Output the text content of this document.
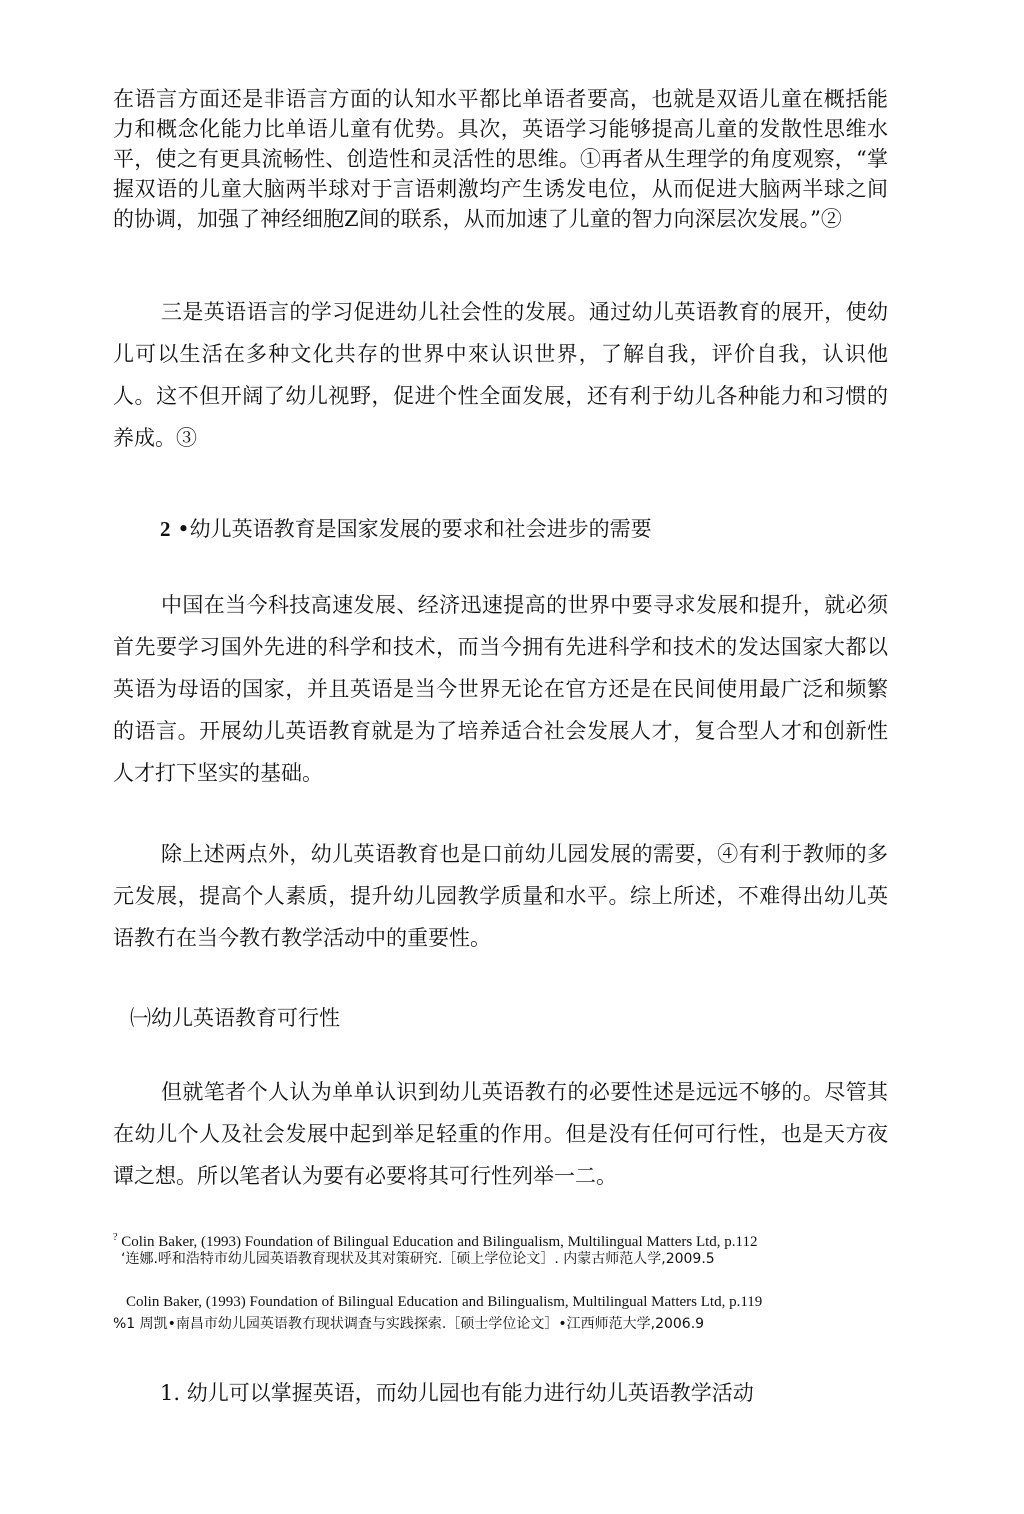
在语言方面还是非语言方面的认知水平都比单语者要高，也就是双语儿童在概括能力和概念化能力比单语儿童有优势。具次，英语学习能够提高儿童的发散性思维水平，使之有更具流畅性、创造性和灵活性的思维。①再者从生理学的角度观察，“掌握双语的儿童大脑两半球对于言语刺激均产生诱发电位，从而促进大脑两半球之间的协调，加强了神经细胞Z间的联系，从而加速了儿童的智力向深层次发展。”②

三是英语语言的学习促进幼儿社会性的发展。通过幼儿英语教育的展开，使幼儿可以生活在多种文化共存的世界中來认识世界，了解自我，评价自我，认识他人。这不但开阔了幼儿视野，促进个性全面发展，还有利于幼儿各种能力和习惯的养成。③

2 •幼儿英语教育是国家发展的要求和社会进步的需要

中国在当今科技高速发展、经济迅速提高的世界中要寻求发展和提升，就必须首先要学习国外先进的科学和技术，而当今拥有先进科学和技术的发达国家大都以英语为母语的国家，并且英语是当今世界无论在官方还是在民间使用最广泛和频繁的语言。开展幼儿英语教育就是为了培养适合社会发展人才，复合型人才和创新性人才打下坚实的基础。

除上述两点外，幼儿英语教育也是口前幼儿园发展的需要，④有利于教师的多元发展，提高个人素质，提升幼儿园教学质量和水平。综上所述，不难得出幼儿英语教冇在当今教冇教学活动中的重要性。

㈠幼儿英语教育可行性

但就笔者个人认为单单认识到幼儿英语教冇的必要性述是远远不够的。尽管其在幼儿个人及社会发展中起到举足轻重的作用。但是没有任何可行性，也是天方夜谭之想。所以笔者认为要有必要将其可行性列举一二。

? Colin Baker, (1993) Foundation of Bilingual Education and Bilingualism, Multilingual Matters Ltd, p.112

‘连娜.呼和浩特市幼儿园英语教育现状及其对策研究.［硕上学位论文］. 内蒙古师范人学,2009.5

Colin Baker, (1993) Foundation of Bilingual Education and Bilingualism, Multilingual Matters Ltd, p.119

%1 周凯•南昌市幼儿园英语教冇现状调査与实践探索.［硕士学位论文］•江西师范大学,2006.9

1. 幼儿可以掌握英语，而幼儿园也有能力进行幼儿英语教学活动
